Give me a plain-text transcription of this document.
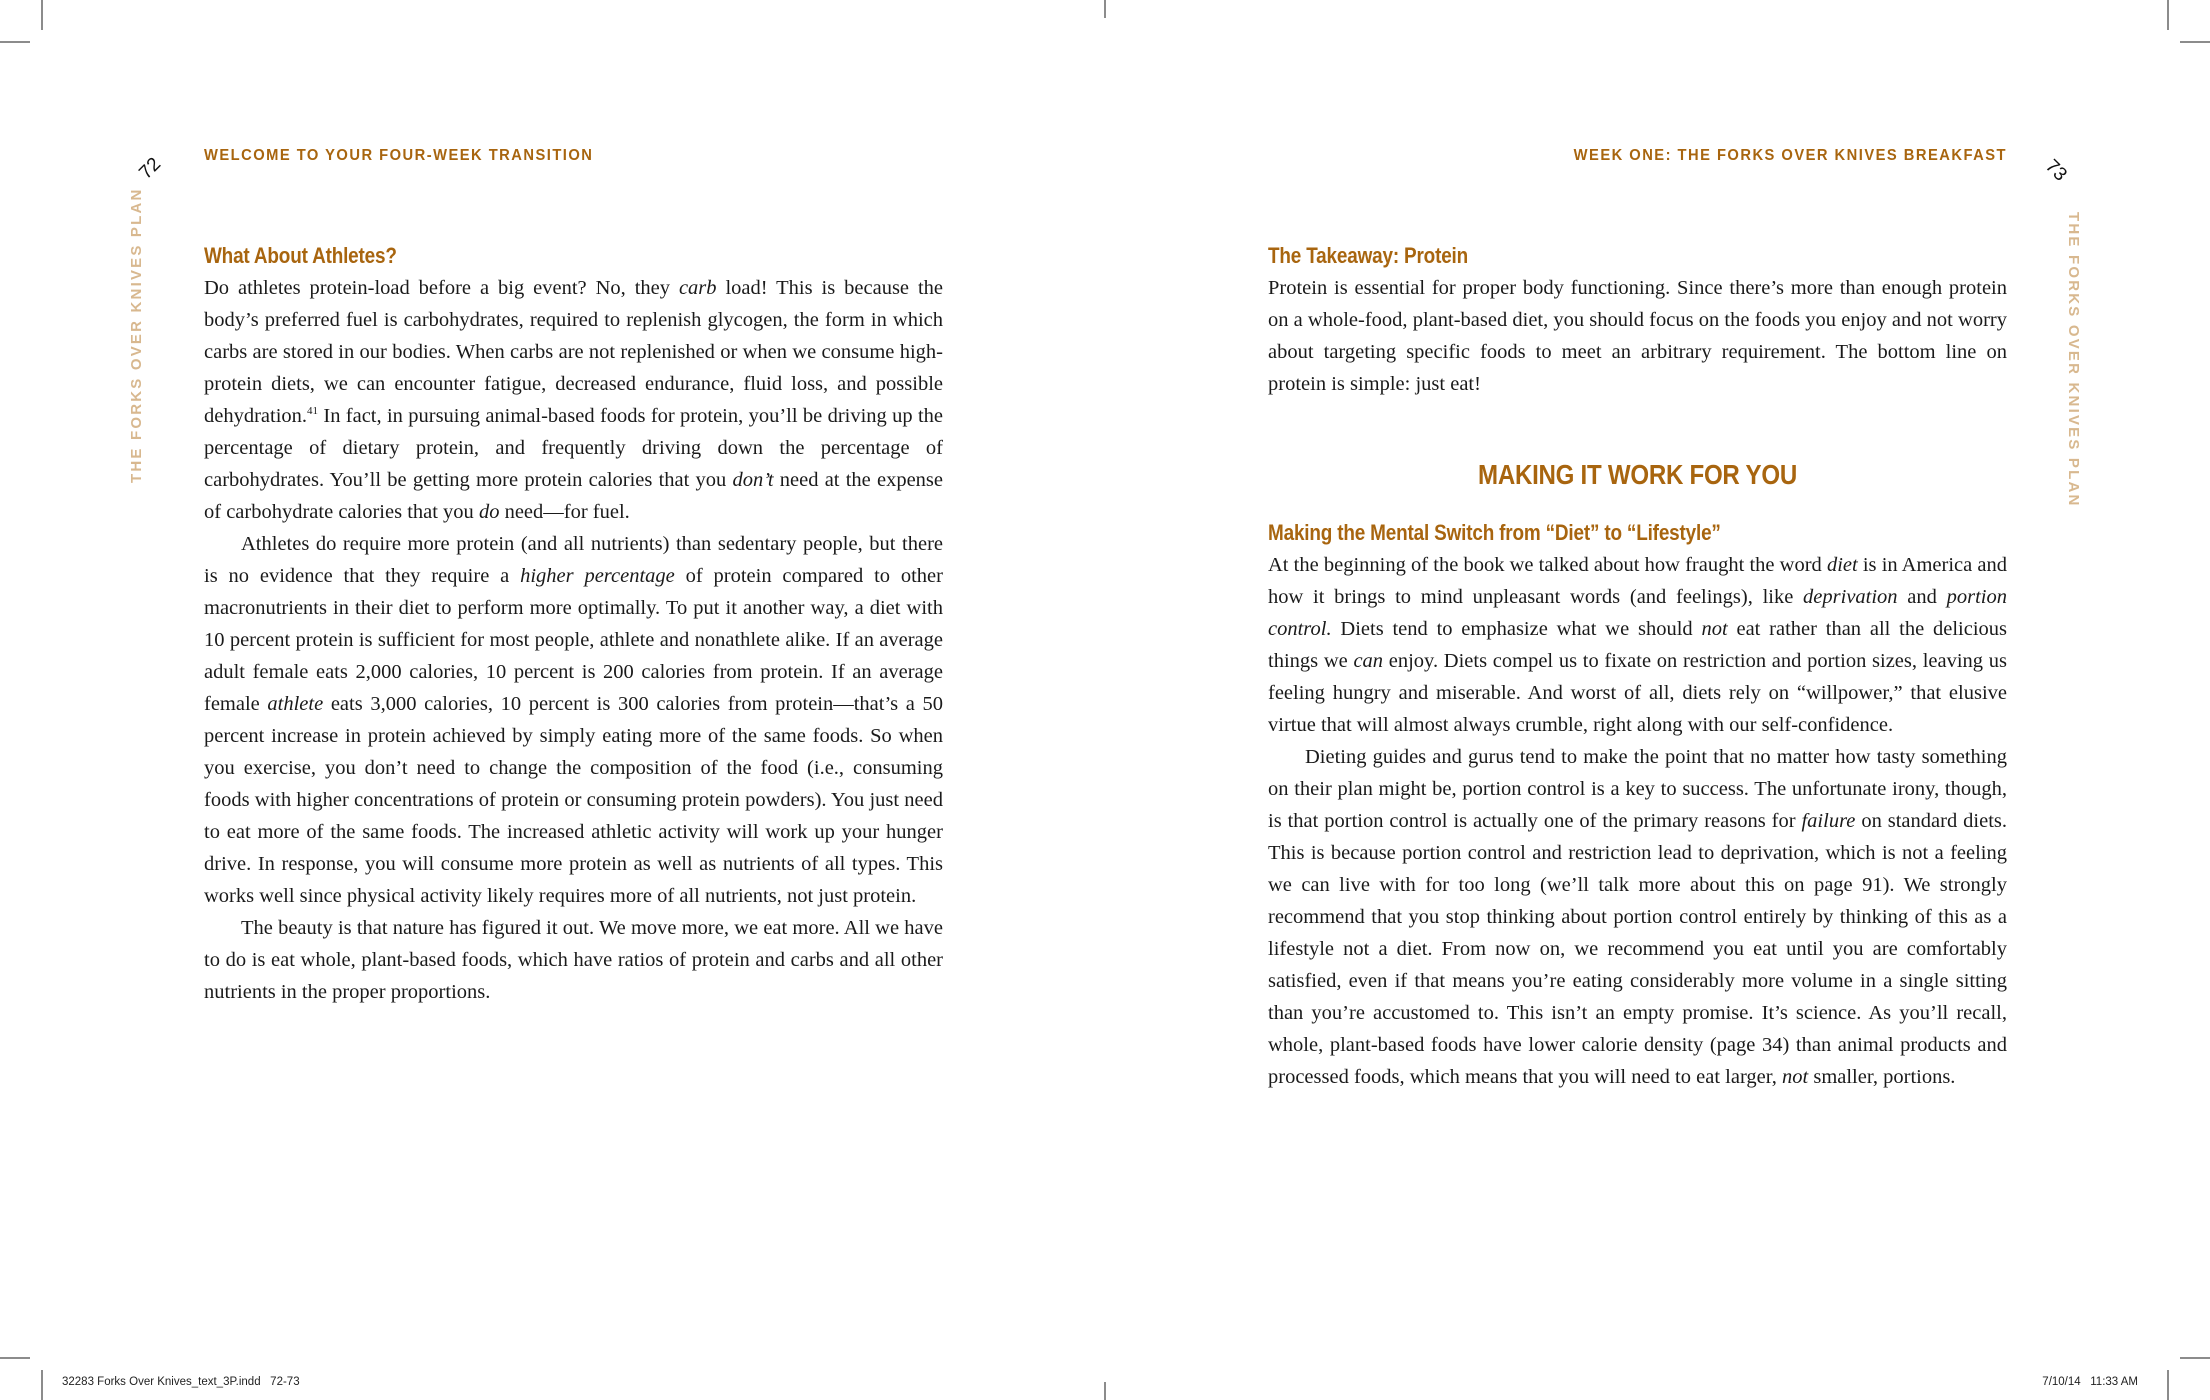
72 WELCOME TO YOUR FOUR-WEEK TRANSITION
THE FORKS OVER KNIVES PLAN
73
WEEK ONE: THE FORKS OVER KNIVES BREAKFAST
THE FORKS OVER KNIVES PLAN
What About Athletes?

Do athletes protein-load before a big event? No, they carb load! This is because the body’s preferred fuel is carbohydrates, required to replenish glycogen, the form in which carbs are stored in our bodies. When carbs are not replenished or when we consume high-protein diets, we can encounter fatigue, decreased endurance, fluid loss, and possible dehydration.$^{41}$ In fact, in pursuing animal-based foods for protein, you’ll be driving up the percentage of dietary protein, and frequently driving down the percentage of carbohydrates. You’ll be getting more protein calories that you don’t need at the expense of carbohydrate calories that you do need—for fuel.

Athletes do require more protein (and all nutrients) than sedentary people, but there is no evidence that they require a higher percentage of protein compared to other macronutrients in their diet to perform more optimally. To put it another way, a diet with 10 percent protein is sufficient for most people, athlete and nonathlete alike. If an average adult female eats 2,000 calories, 10 percent is 200 calories from protein. If an average female athlete eats 3,000 calories, 10 percent is 300 calories from protein—that’s a 50 percent increase in protein achieved by simply eating more of the same foods. So when you exercise, you don’t need to change the composition of the food (i.e., consuming foods with higher concentrations of protein or consuming protein powders). You just need to eat more of the same foods. The increased athletic activity will work up your hunger drive. In response, you will consume more protein as well as nutrients of all types. This works well since physical activity likely requires more of all nutrients, not just protein.

The beauty is that nature has figured it out. We move more, we eat more. All we have to do is eat whole, plant-based foods, which have ratios of protein and carbs and all other nutrients in the proper proportions.

The Takeaway: Protein

Protein is essential for proper body functioning. Since there’s more than enough protein on a whole-food, plant-based diet, you should focus on the foods you enjoy and not worry about targeting specific foods to meet an arbitrary requirement. The bottom line on protein is simple: just eat!

MAKING IT WORK FOR YOU
Making the Mental Switch from “Diet” to “Lifestyle”

At the beginning of the book we talked about how fraught the word diet is in America and how it brings to mind unpleasant words (and feelings), like deprivation and portion control. Diets tend to emphasize what we should not eat rather than all the delicious things we can enjoy. Diets compel us to fixate on restriction and portion sizes, leaving us feeling hungry and miserable. And worst of all, diets rely on “willpower,” that elusive virtue that will almost always crumble, right along with our self-confidence.

Dieting guides and gurus tend to make the point that no matter how tasty something on their plan might be, portion control is a key to success. The unfortunate irony, though, is that portion control is actually one of the primary reasons for failure on standard diets. This is because portion control and restriction lead to deprivation, which is not a feeling we can live with for too long (we’ll talk more about this on page 91). We strongly recommend that you stop thinking about portion control entirely by thinking of this as a lifestyle not a diet. From now on, we recommend you eat until you are comfortably satisfied, even if that means you’re eating considerably more volume in a single sitting than you’re accustomed to. This isn’t an empty promise. It’s science. As you’ll recall, whole, plant-based foods have lower calorie density (page 34) than animal products and processed foods, which means that you will need to eat larger, not smaller, portions.

32283 Forks Over Knives_text_3P.indd   72-73	7/10/14   11:33 AM
